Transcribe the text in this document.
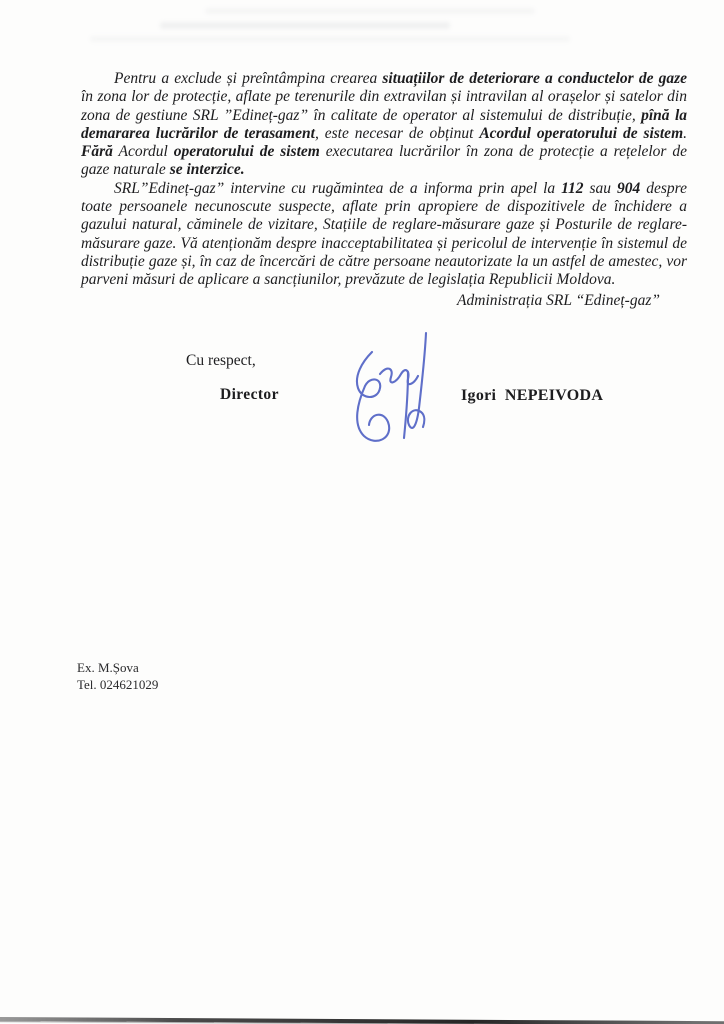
Pentru a exclude și preîntâmpina crearea situațiilor de deteriorare a conductelor de gaze în zona lor de protecție, aflate pe terenurile din extravilan și intravilan al orașelor și satelor din zona de gestiune SRL ”Edineț-gaz” în calitate de operator al sistemului de distribuție, pînă la demararea lucrărilor de terasament, este necesar de obținut Acordul operatorului de sistem. Fără Acordul operatorului de sistem executarea lucrărilor în zona de protecție a rețelelor de gaze naturale se interzice.

SRL”Edineț-gaz” intervine cu rugămintea de a informa prin apel la 112 sau 904 despre toate persoanele necunoscute suspecte, aflate prin apropiere de dispozitivele de închidere a gazului natural, căminele de vizitare, Stațiile de reglare-măsurare gaze și Posturile de reglare-măsurare gaze. Vă atenționăm despre inacceptabilitatea și pericolul de intervenție în sistemul de distribuție gaze și, în caz de încercări de către persoane neautorizate la un astfel de amestec, vor parveni măsuri de aplicare a sancțiunilor, prevăzute de legislația Republicii Moldova.

Administrația SRL “Edineț-gaz”

Cu respect,
Director	Igori  NEPEIVODA
Ex. M.Șova
Tel. 024621029
